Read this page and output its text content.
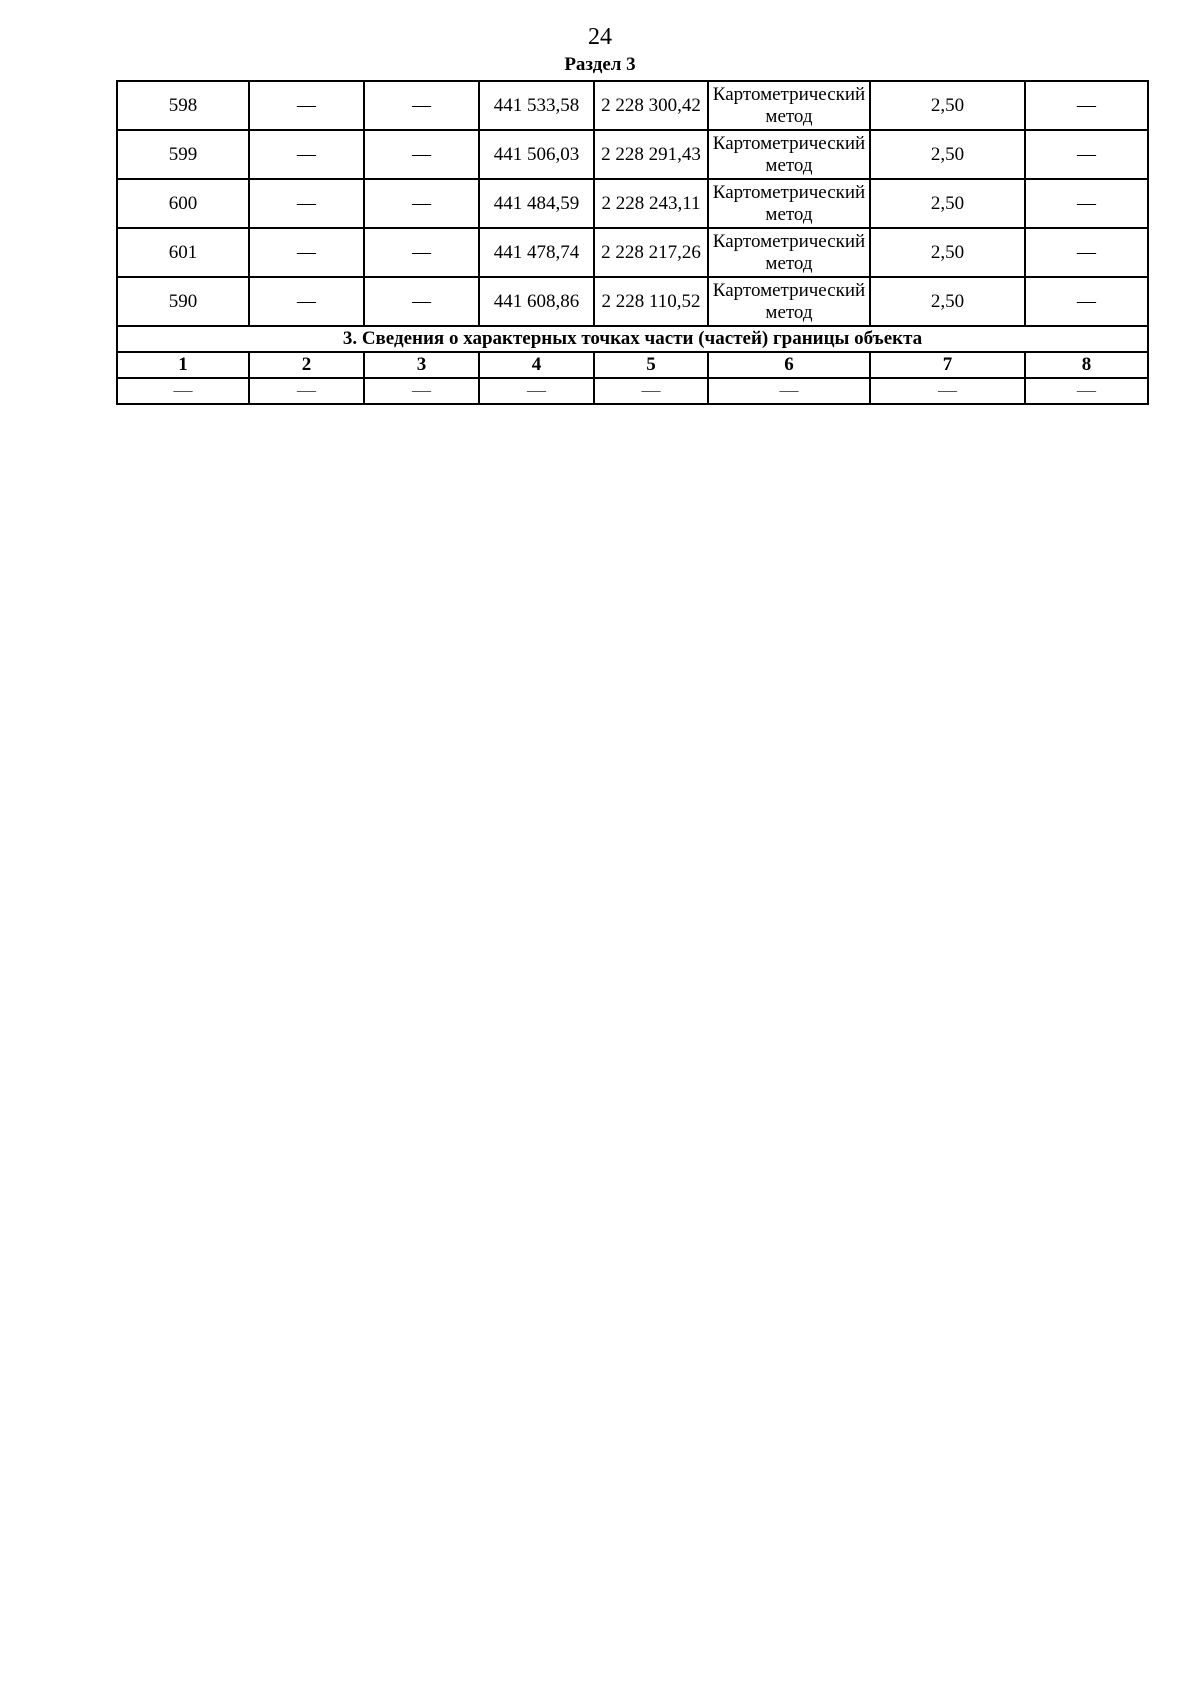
24
Раздел 3
598	—	—	441 533,58	2 228 300,42	Картометрический метод	2,50	—
599	—	—	441 506,03	2 228 291,43	Картометрический метод	2,50	—
600	—	—	441 484,59	2 228 243,11	Картометрический метод	2,50	—
601	—	—	441 478,74	2 228 217,26	Картометрический метод	2,50	—
590	—	—	441 608,86	2 228 110,52	Картометрический метод	2,50	—
3. Сведения о характерных точках части (частей) границы объекта							
1	2	3	4	5	6	7	8
—	—	—	—	—	—	—	—
